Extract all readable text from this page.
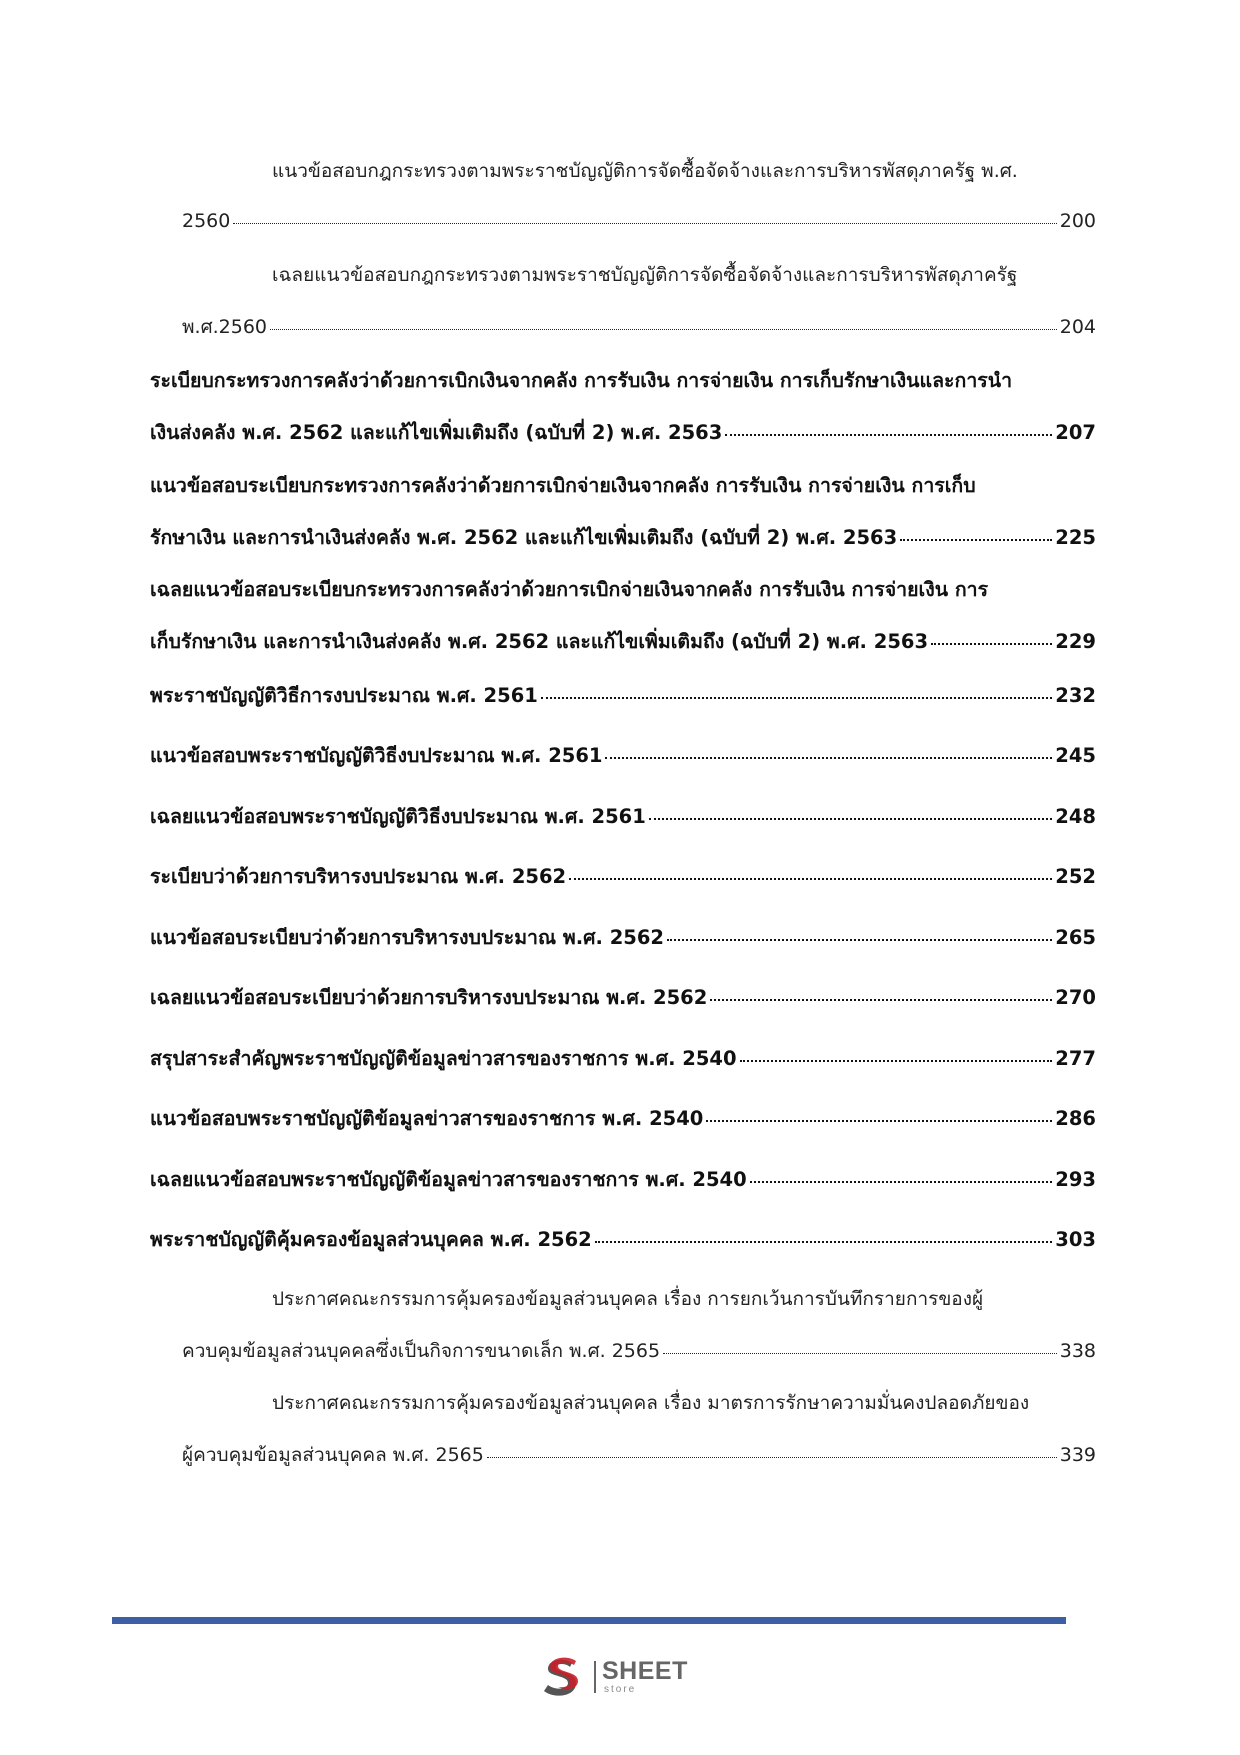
แนวข้อสอบกฎกระทรวงตามพระราชบัญญัติการจัดซื้อจัดจ้างและการบริหารพัสดุภาครัฐ พ.ศ.
2560	200
เฉลยแนวข้อสอบกฎกระทรวงตามพระราชบัญญัติการจัดซื้อจัดจ้างและการบริหารพัสดุภาครัฐ
พ.ศ.2560	204
ระเบียบกระทรวงการคลังว่าด้วยการเบิกเงินจากคลัง การรับเงิน การจ่ายเงิน การเก็บรักษาเงินและการนำ
เงินส่งคลัง พ.ศ. 2562 และแก้ไขเพิ่มเติมถึง (ฉบับที่ 2) พ.ศ. 2563	207
แนวข้อสอบระเบียบกระทรวงการคลังว่าด้วยการเบิกจ่ายเงินจากคลัง การรับเงิน การจ่ายเงิน การเก็บ
รักษาเงิน และการนำเงินส่งคลัง พ.ศ. 2562 และแก้ไขเพิ่มเติมถึง (ฉบับที่ 2) พ.ศ. 2563	225
เฉลยแนวข้อสอบระเบียบกระทรวงการคลังว่าด้วยการเบิกจ่ายเงินจากคลัง การรับเงิน การจ่ายเงิน การ
เก็บรักษาเงิน และการนำเงินส่งคลัง พ.ศ. 2562 และแก้ไขเพิ่มเติมถึง (ฉบับที่ 2) พ.ศ. 2563	229
พระราชบัญญัติวิธีการงบประมาณ พ.ศ. 2561	232
แนวข้อสอบพระราชบัญญัติวิธีงบประมาณ พ.ศ. 2561	245
เฉลยแนวข้อสอบพระราชบัญญัติวิธีงบประมาณ พ.ศ. 2561	248
ระเบียบว่าด้วยการบริหารงบประมาณ พ.ศ. 2562	252
แนวข้อสอบระเบียบว่าด้วยการบริหารงบประมาณ พ.ศ. 2562	265
เฉลยแนวข้อสอบระเบียบว่าด้วยการบริหารงบประมาณ พ.ศ. 2562	270
สรุปสาระสำคัญพระราชบัญญัติข้อมูลข่าวสารของราชการ พ.ศ. 2540	277
แนวข้อสอบพระราชบัญญัติข้อมูลข่าวสารของราชการ พ.ศ. 2540	286
เฉลยแนวข้อสอบพระราชบัญญัติข้อมูลข่าวสารของราชการ พ.ศ. 2540	293
พระราชบัญญัติคุ้มครองข้อมูลส่วนบุคคล พ.ศ. 2562	303
ประกาศคณะกรรมการคุ้มครองข้อมูลส่วนบุคคล เรื่อง การยกเว้นการบันทึกรายการของผู้
ควบคุมข้อมูลส่วนบุคคลซึ่งเป็นกิจการขนาดเล็ก พ.ศ. 2565	338
ประกาศคณะกรรมการคุ้มครองข้อมูลส่วนบุคคล เรื่อง มาตรการรักษาความมั่นคงปลอดภัยของ
ผู้ควบคุมข้อมูลส่วนบุคคล พ.ศ. 2565	339
SHEET
store
